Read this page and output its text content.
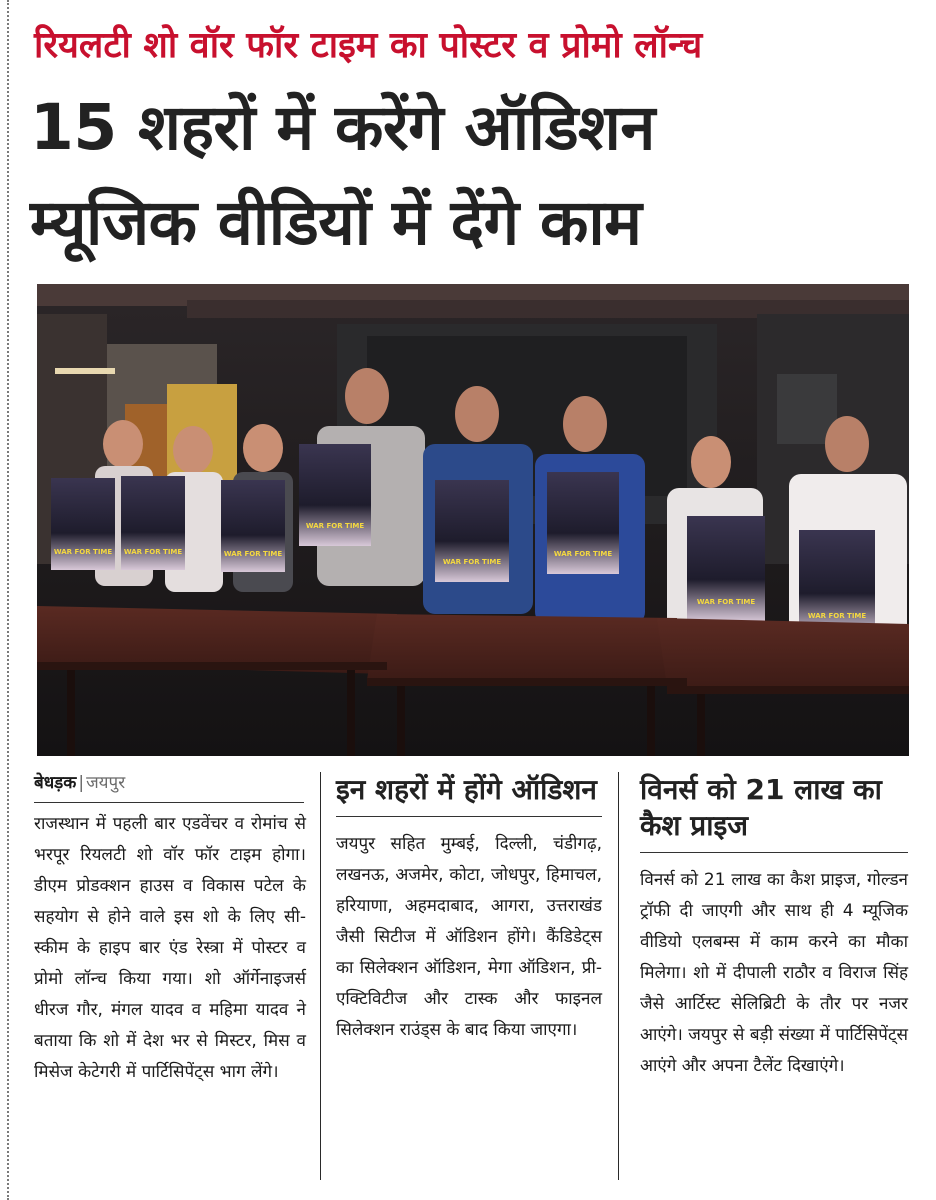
रियलटी शो वॉर फॉर टाइम का पोस्टर व प्रोमो लॉन्च
15 शहरों में करेंगे ऑडिशन
म्यूजिक वीडियों में देंगे काम
WAR FOR TIME WAR FOR TIME	WAR FOR TIME
WAR FOR TIME
WAR FOR TIME
WAR FOR TIME
WAR FOR TIME
WAR FOR TIME
बेधड़क | जयपुर

राजस्थान में पहली बार एडवेंचर व रोमांच से भरपूर रियलटी शो वॉर फॉर टाइम होगा। डीएम प्रोडक्शन हाउस व विकास पटेल के सहयोग से होने वाले इस शो के लिए सी-स्कीम के हाइप बार एंड रेस्त्रा में पोस्टर व प्रोमो लॉन्च किया गया। शो ऑर्गेनाइजर्स धीरज गौर, मंगल यादव व महिमा यादव ने बताया कि शो में देश भर से मिस्टर, मिस व मिसेज केटेगरी में पार्टिसिपेंट्स भाग लेंगे।

इन शहरों में होंगे ऑडिशन

जयपुर सहित मुम्बई, दिल्ली, चंडीगढ़, लखनऊ, अजमेर, कोटा, जोधपुर, हिमाचल, हरियाणा, अहमदाबाद, आगरा, उत्तराखंड जैसी सिटीज में ऑडिशन होंगे। कैंडिडेट्स का सिलेक्शन ऑडिशन, मेगा ऑडिशन, प्री-एक्टिविटीज और टास्क और फाइनल सिलेक्शन राउंड्स के बाद किया जाएगा।

विनर्स को 21 लाख का कैश प्राइज

विनर्स को 21 लाख का कैश प्राइज, गोल्डन ट्रॉफी दी जाएगी और साथ ही 4 म्यूजिक वीडियो एलबम्स में काम करने का मौका मिलेगा। शो में दीपाली राठौर व विराज सिंह जैसे आर्टिस्ट सेलिब्रिटी के तौर पर नजर आएंगे। जयपुर से बड़ी संख्या में पार्टिसिपेंट्स आएंगे और अपना टैलेंट दिखाएंगे।
